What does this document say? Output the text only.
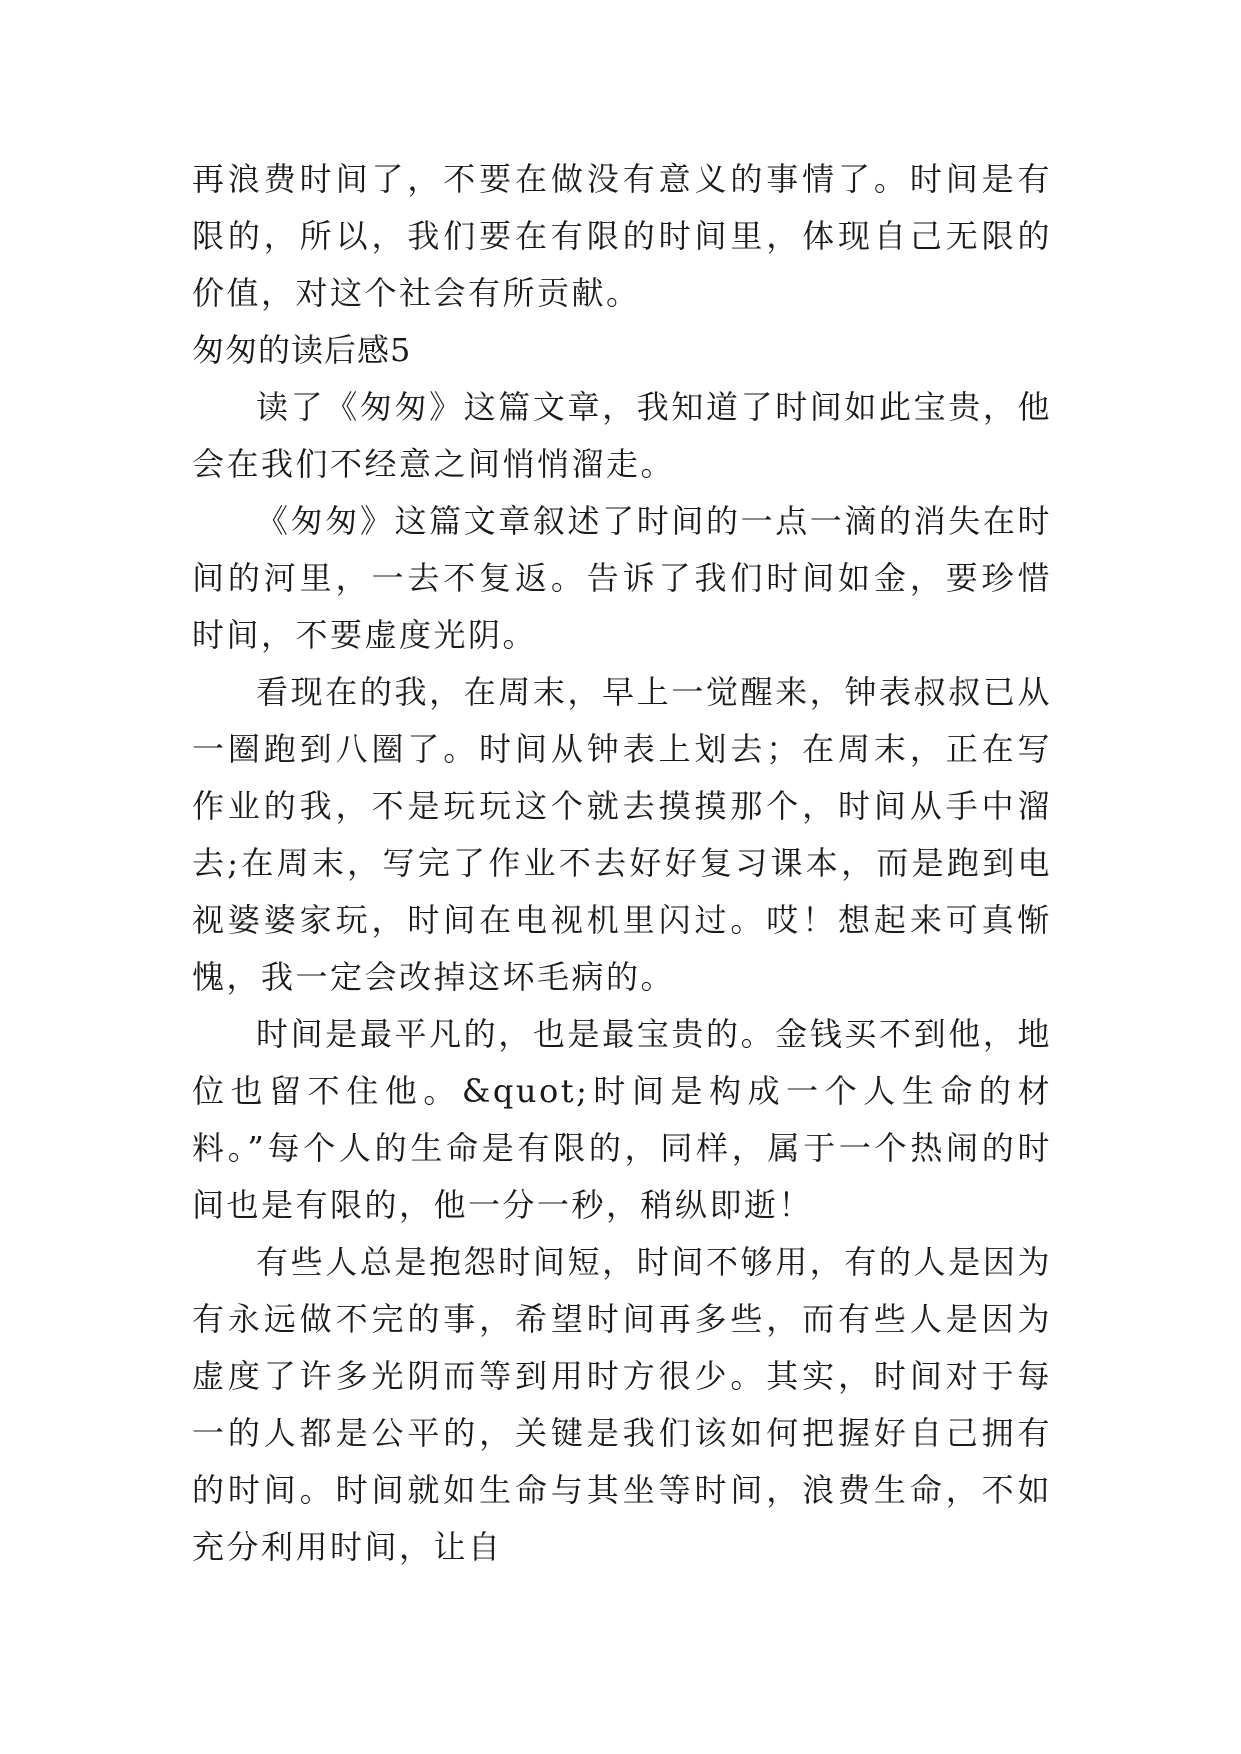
再浪费时间了，不要在做没有意义的事情了。时间是有限的，所以，我们要在有限的时间里，体现自己无限的价值，对这个社会有所贡献。

匆匆的读后感5

读了《匆匆》这篇文章，我知道了时间如此宝贵，他会在我们不经意之间悄悄溜走。

《匆匆》这篇文章叙述了时间的一点一滴的消失在时间的河里，一去不复返。告诉了我们时间如金，要珍惜时间，不要虚度光阴。

看现在的我，在周末，早上一觉醒来，钟表叔叔已从一圈跑到八圈了。时间从钟表上划去；在周末，正在写作业的我，不是玩玩这个就去摸摸那个，时间从手中溜去;在周末，写完了作业不去好好复习课本，而是跑到电视婆婆家玩，时间在电视机里闪过。哎！想起来可真惭愧，我一定会改掉这坏毛病的。

时间是最平凡的，也是最宝贵的。金钱买不到他，地位也留不住他。&quot;时间是构成一个人生命的材料。”每个人的生命是有限的，同样，属于一个热闹的时间也是有限的，他一分一秒，稍纵即逝！

有些人总是抱怨时间短，时间不够用，有的人是因为有永远做不完的事，希望时间再多些，而有些人是因为虚度了许多光阴而等到用时方很少。其实，时间对于每一的人都是公平的，关键是我们该如何把握好自己拥有的时间。时间就如生命与其坐等时间，浪费生命，不如充分利用时间，让自
